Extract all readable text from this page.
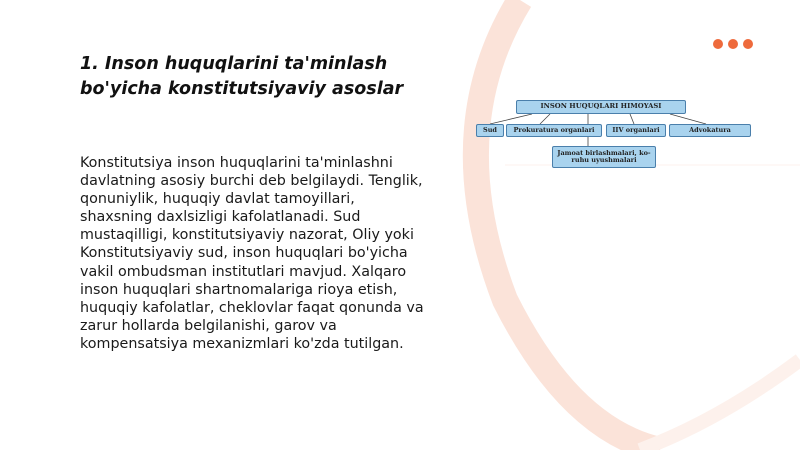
1. Inson huquqlarini ta'minlash bo'yicha konstitutsiyaviy asoslar
Konstitutsiya inson huquqlarini ta'minlashni davlatning asosiy burchi deb belgilaydi. Tenglik, qonuniylik, huquqiy davlat tamoyillari, shaxsning daxlsizligi kafolatlanadi. Sud mustaqilligi, konstitutsiyaviy nazorat, Oliy yoki Konstitutsiyaviy sud, inson huquqlari bo'yicha vakil ombudsman institutlari mavjud. Xalqaro inson huquqlari shartnomalariga rioya etish, huquqiy kafolatlar, cheklovlar faqat qonunda va zarur hollarda belgilanishi, garov va kompensatsiya mexanizmlari ko'zda tutilgan.
INSON HUQUQLARI HIMOYASI
Sud	Prokuratura organlari	IIV organlari	Advokatura
Jamoat birlashmalari, ko-ruhu uyushmalari
